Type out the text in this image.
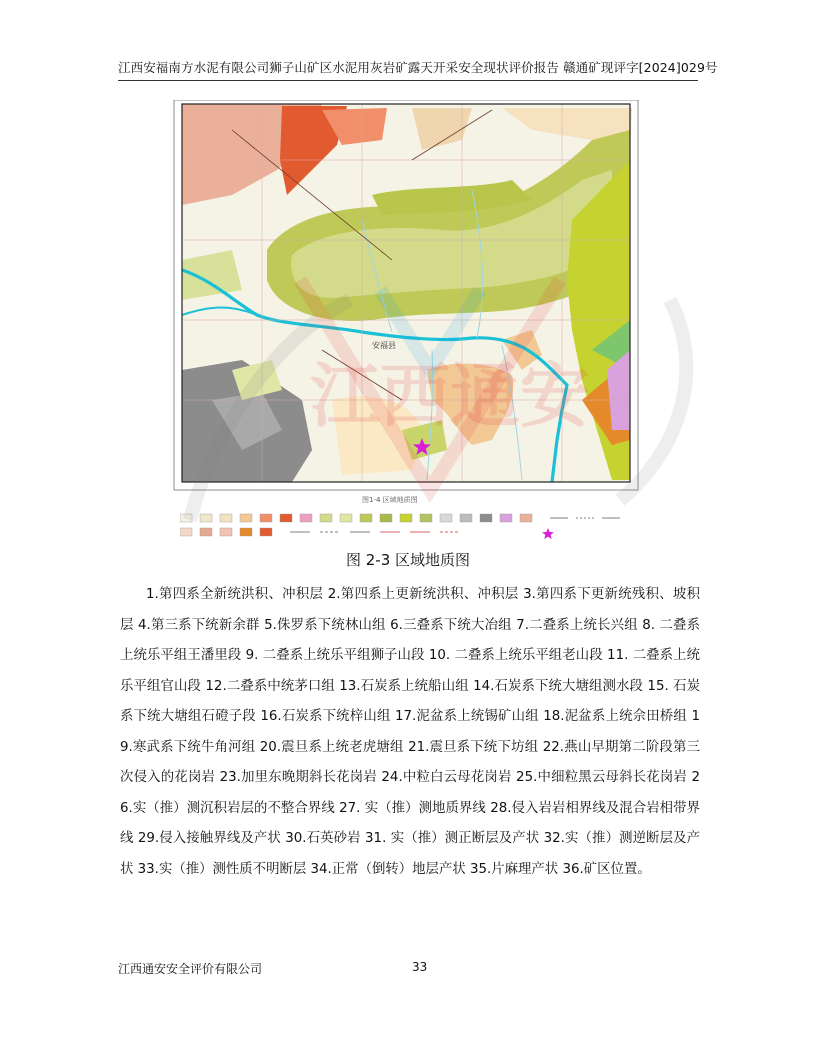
江西安福南方水泥有限公司狮子山矿区水泥用灰岩矿露天开采安全现状评价报告 赣通矿现评字[2024]029号
安福县
图1-4 区域地质图
图 2-3 区域地质图
1.第四系全新统洪积、冲积层 2.第四系上更新统洪积、冲积层 3.第四系下更新统残积、坡积层 4.第三系下统新余群 5.侏罗系下统林山组 6.三叠系下统大冶组 7.二叠系上统长兴组 8. 二叠系上统乐平组王潘里段 9. 二叠系上统乐平组狮子山段 10. 二叠系上统乐平组老山段 11. 二叠系上统乐平组官山段 12.二叠系中统茅口组 13.石炭系上统船山组 14.石炭系下统大塘组测水段 15. 石炭系下统大塘组石磴子段 16.石炭系下统梓山组 17.泥盆系上统锡矿山组 18.泥盆系上统佘田桥组 19.寒武系下统牛角河组 20.震旦系上统老虎塘组 21.震旦系下统下坊组 22.燕山早期第二阶段第三次侵入的花岗岩 23.加里东晚期斜长花岗岩 24.中粒白云母花岗岩 25.中细粒黑云母斜长花岗岩 26.实（推）测沉积岩层的不整合界线 27. 实（推）测地质界线 28.侵入岩岩相界线及混合岩相带界线 29.侵入接触界线及产状 30.石英砂岩 31. 实（推）测正断层及产状 32.实（推）测逆断层及产状 33.实（推）测性质不明断层 34.正常（倒转）地层产状 35.片麻理产状 36.矿区位置。
江西通安安全评价有限公司	33
